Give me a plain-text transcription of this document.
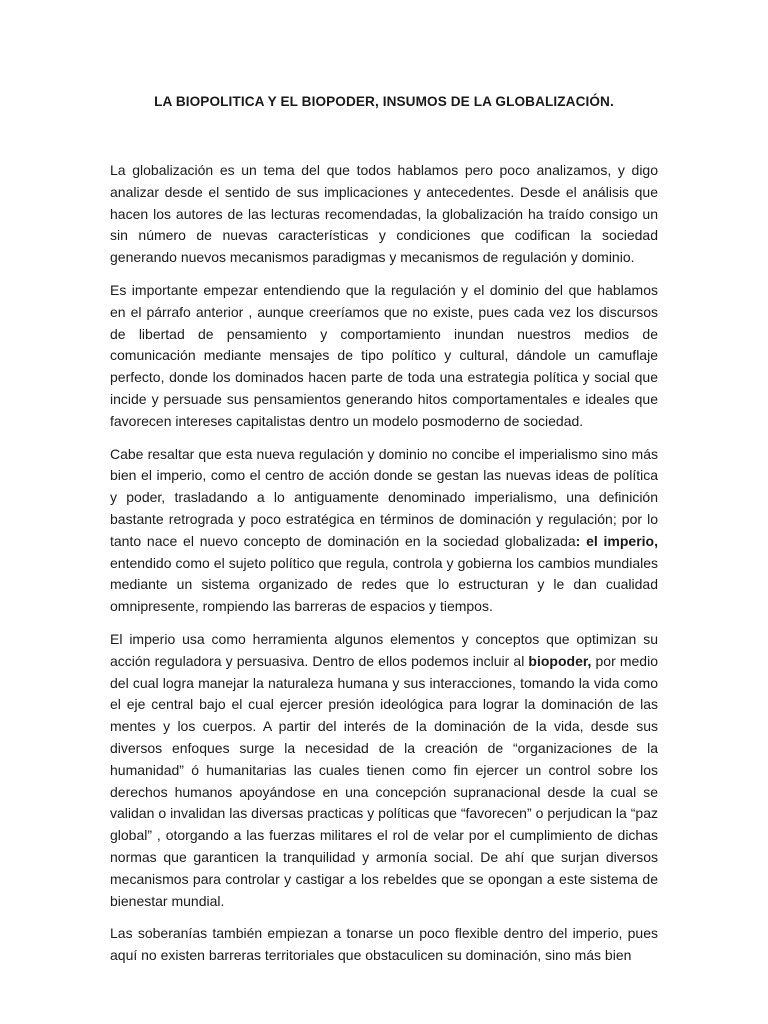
LA BIOPOLITICA Y EL BIOPODER, INSUMOS DE LA GLOBALIZACIÓN.

La globalización es un tema del que todos hablamos pero poco analizamos, y digo analizar desde el sentido de sus implicaciones y antecedentes. Desde el análisis que hacen los autores de las lecturas recomendadas, la globalización ha traído consigo un sin número de nuevas características y condiciones que codifican la sociedad generando nuevos mecanismos paradigmas y mecanismos de regulación y dominio.

Es importante empezar entendiendo que la regulación y el dominio del que hablamos en el párrafo anterior , aunque creeríamos que no existe, pues cada vez los discursos de libertad de pensamiento y comportamiento inundan nuestros medios de comunicación mediante mensajes de tipo político y cultural, dándole un camuflaje perfecto, donde los dominados hacen parte de toda una estrategia política y social que incide y persuade sus pensamientos generando hitos comportamentales e ideales que favorecen intereses capitalistas dentro un modelo posmoderno de sociedad.

Cabe resaltar que esta nueva regulación y dominio no concibe el imperialismo sino más bien el imperio, como el centro de acción donde se gestan las nuevas ideas de política y poder, trasladando a lo antiguamente denominado imperialismo, una definición bastante retrograda y poco estratégica en términos de dominación y regulación; por lo tanto nace el nuevo concepto de dominación en la sociedad globalizada: el imperio, entendido como el sujeto político que regula, controla y gobierna los cambios mundiales mediante un sistema organizado de redes que lo estructuran y le dan cualidad omnipresente, rompiendo las barreras de espacios y tiempos.

El imperio usa como herramienta algunos elementos y conceptos que optimizan su acción reguladora y persuasiva. Dentro de ellos podemos incluir al biopoder, por medio del cual logra manejar la naturaleza humana y sus interacciones, tomando la vida como el eje central bajo el cual ejercer presión ideológica para lograr la dominación de las mentes y los cuerpos. A partir del interés de la dominación de la vida, desde sus diversos enfoques surge la necesidad de la creación de “organizaciones de la humanidad” ó humanitarias las cuales tienen como fin ejercer un control sobre los derechos humanos apoyándose en una concepción supranacional desde la cual se validan o invalidan las diversas practicas y políticas que “favorecen” o perjudican la “paz global” , otorgando a las fuerzas militares el rol de velar por el cumplimiento de dichas normas que garanticen la tranquilidad y armonía social. De ahí que surjan diversos mecanismos para controlar y castigar a los rebeldes que se opongan a este sistema de bienestar mundial.

Las soberanías también empiezan a tonarse un poco flexible dentro del imperio, pues aquí no existen barreras territoriales que obstaculicen su dominación, sino más bien
